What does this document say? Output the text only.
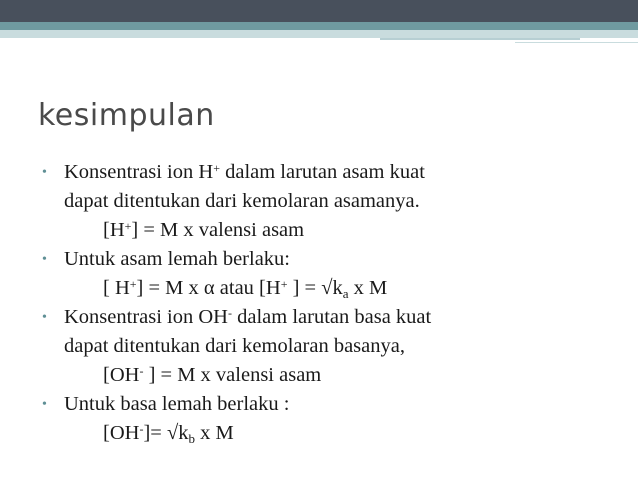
kesimpulan
• Konsentrasi ion H+ dalam larutan asam kuat
dapat ditentukan dari kemolaran asamanya.
[H+] = M x valensi asam
• Untuk asam lemah berlaku:
[ H+] = M x α atau [H+ ] = $√k_a$ x M
• Konsentrasi ion OH- dalam larutan basa kuat
dapat ditentukan dari kemolaran basanya,
[OH- ] = M x valensi asam
• Untuk basa lemah berlaku :
$[OH^-]= √k_b$ x M
